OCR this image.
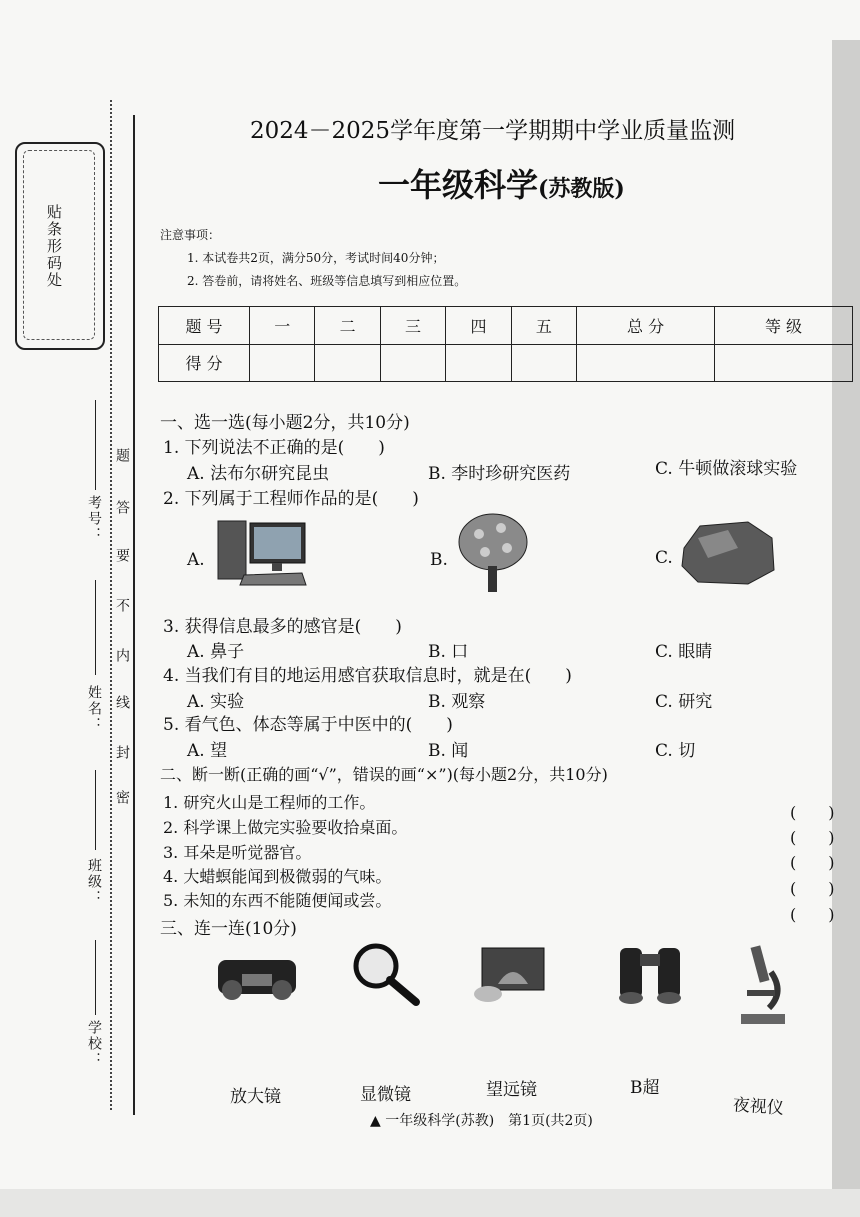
贴条形码处
考号：
姓名：
班级：
学校：
密
封
线
内
不
要
答
题
2024－2025学年度第一学期期中学业质量监测
一年级科学(苏教版)
注意事项：
1. 本试卷共2页，满分50分，考试时间40分钟；
2. 答卷前，请将姓名、班级等信息填写到相应位置。
题 号	一	二	三	四	五	总 分	等 级
得 分							
一、选一选(每小题2分，共10分)
1. 下列说法不正确的是(　　)
A. 法布尔研究昆虫	B. 李时珍研究医药	C. 牛顿做滚球实验
2. 下列属于工程师作品的是(　　)
A.	B.	C.
3. 获得信息最多的感官是(　　)
A. 鼻子	B. 口	C. 眼睛
4. 当我们有目的地运用感官获取信息时，就是在(　　)
A. 实验	B. 观察	C. 研究
5. 看气色、体态等属于中医中的(　　)
A. 望	B. 闻	C. 切
二、断一断(正确的画“√”，错误的画“×”)(每小题2分，共10分)
1. 研究火山是工程师的工作。
2. 科学课上做完实验要收拾桌面。
3. 耳朵是听觉器官。
4. 大蜡螟能闻到极微弱的气味。
5. 未知的东西不能随便闻或尝。
(　　)
(　　)
(　　)
(　　)
(　　)
三、连一连(10分)
放大镜	显微镜	望远镜	B超
夜视仪
▲ 一年级科学(苏教)　第1页(共2页)
